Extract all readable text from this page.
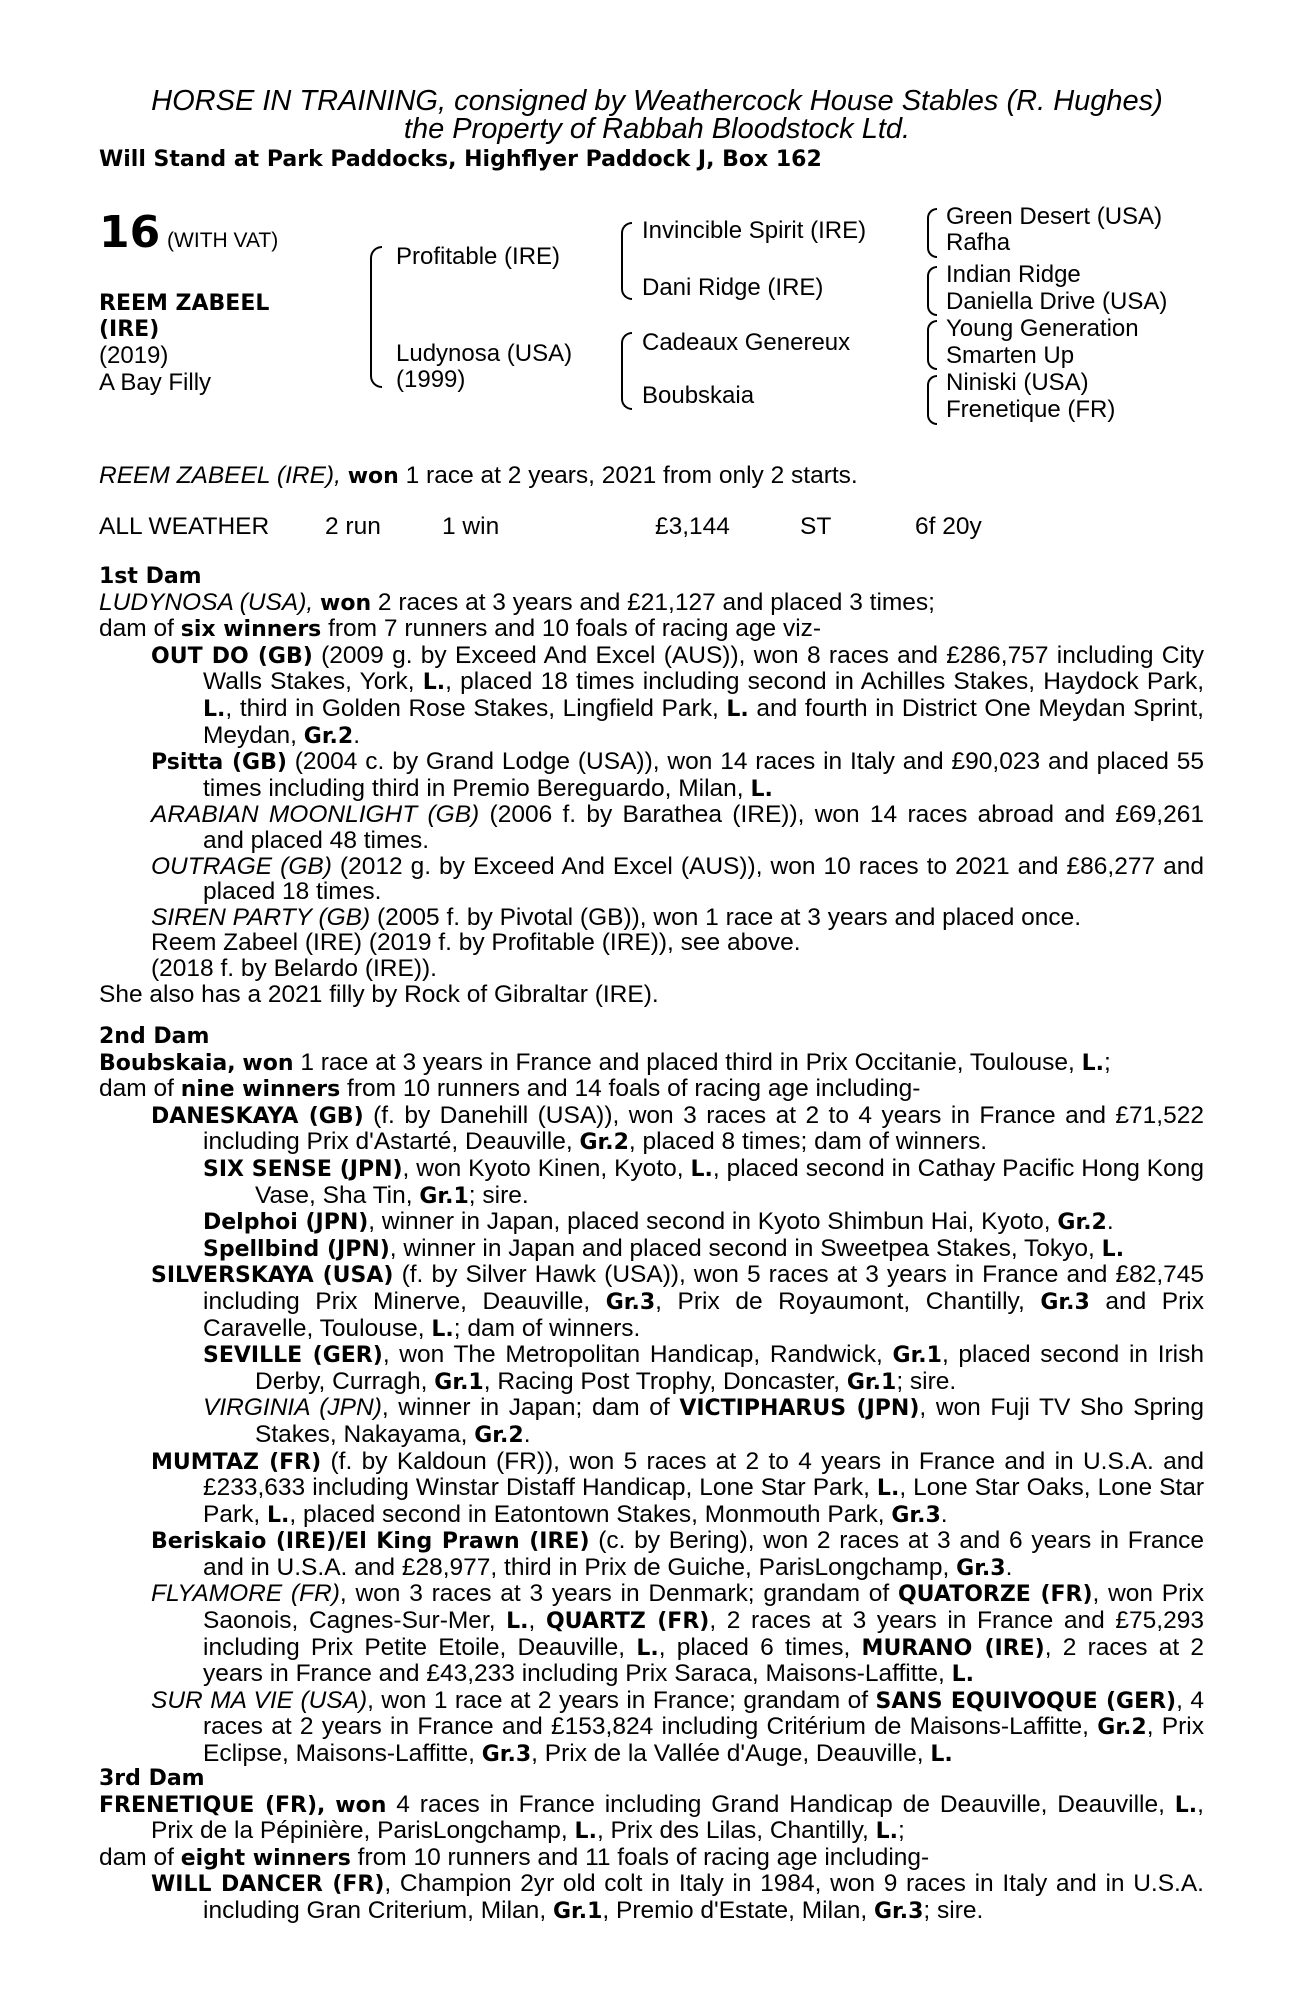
HORSE IN TRAINING, consigned by Weathercock House Stables (R. Hughes)
the Property of Rabbah Bloodstock Ltd.
Will Stand at Park Paddocks, Highflyer Paddock J, Box 162
16 (WITH VAT)
REEM ZABEEL
(IRE)
(2019)
A Bay Filly
Profitable (IRE)
Ludynosa (USA)
(1999)
Invincible Spirit (IRE)
Dani Ridge (IRE)
Cadeaux Genereux
Boubskaia
Green Desert (USA)
Rafha
Indian Ridge
Daniella Drive (USA)
Young Generation
Smarten Up
Niniski (USA)
Frenetique (FR)
REEM ZABEEL (IRE), won 1 race at 2 years, 2021 from only 2 starts.
ALL WEATHER 2 run 1 win	£3,144	ST	6f 20y
1st Dam
LUDYNOSA (USA), won 2 races at 3 years and £21,127 and placed 3 times;
dam of six winners from 7 runners and 10 foals of racing age viz-
OUT DO (GB) (2009 g. by Exceed And Excel (AUS)), won 8 races and £286,757 including City Walls Stakes, York, L., placed 18 times including second in Achilles Stakes, Haydock Park, L., third in Golden Rose Stakes, Lingfield Park, L. and fourth in District One Meydan Sprint, Meydan, Gr.2.
Psitta (GB) (2004 c. by Grand Lodge (USA)), won 14 races in Italy and £90,023 and placed 55 times including third in Premio Bereguardo, Milan, L.
ARABIAN MOONLIGHT (GB) (2006 f. by Barathea (IRE)), won 14 races abroad and £69,261 and placed 48 times.
OUTRAGE (GB) (2012 g. by Exceed And Excel (AUS)), won 10 races to 2021 and £86,277 and placed 18 times.
SIREN PARTY (GB) (2005 f. by Pivotal (GB)), won 1 race at 3 years and placed once.
Reem Zabeel (IRE) (2019 f. by Profitable (IRE)), see above.
(2018 f. by Belardo (IRE)).
She also has a 2021 filly by Rock of Gibraltar (IRE).
2nd Dam
Boubskaia, won 1 race at 3 years in France and placed third in Prix Occitanie, Toulouse, L.;
dam of nine winners from 10 runners and 14 foals of racing age including-
DANESKAYA (GB) (f. by Danehill (USA)), won 3 races at 2 to 4 years in France and £71,522 including Prix d'Astarté, Deauville, Gr.2, placed 8 times; dam of winners.
SIX SENSE (JPN), won Kyoto Kinen, Kyoto, L., placed second in Cathay Pacific Hong Kong Vase, Sha Tin, Gr.1; sire.
Delphoi (JPN), winner in Japan, placed second in Kyoto Shimbun Hai, Kyoto, Gr.2.
Spellbind (JPN), winner in Japan and placed second in Sweetpea Stakes, Tokyo, L.
SILVERSKAYA (USA) (f. by Silver Hawk (USA)), won 5 races at 3 years in France and £82,745 including Prix Minerve, Deauville, Gr.3, Prix de Royaumont, Chantilly, Gr.3 and Prix Caravelle, Toulouse, L.; dam of winners.
SEVILLE (GER), won The Metropolitan Handicap, Randwick, Gr.1, placed second in Irish Derby, Curragh, Gr.1, Racing Post Trophy, Doncaster, Gr.1; sire.
VIRGINIA (JPN), winner in Japan; dam of VICTIPHARUS (JPN), won Fuji TV Sho Spring Stakes, Nakayama, Gr.2.
MUMTAZ (FR) (f. by Kaldoun (FR)), won 5 races at 2 to 4 years in France and in U.S.A. and £233,633 including Winstar Distaff Handicap, Lone Star Park, L., Lone Star Oaks, Lone Star Park, L., placed second in Eatontown Stakes, Monmouth Park, Gr.3.
Beriskaio (IRE)/El King Prawn (IRE) (c. by Bering), won 2 races at 3 and 6 years in France and in U.S.A. and £28,977, third in Prix de Guiche, ParisLongchamp, Gr.3.
FLYAMORE (FR), won 3 races at 3 years in Denmark; grandam of QUATORZE (FR), won Prix Saonois, Cagnes-Sur-Mer, L., QUARTZ (FR), 2 races at 3 years in France and £75,293 including Prix Petite Etoile, Deauville, L., placed 6 times, MURANO (IRE), 2 races at 2 years in France and £43,233 including Prix Saraca, Maisons-Laffitte, L.
SUR MA VIE (USA), won 1 race at 2 years in France; grandam of SANS EQUIVOQUE (GER), 4 races at 2 years in France and £153,824 including Critérium de Maisons-Laffitte, Gr.2, Prix Eclipse, Maisons-Laffitte, Gr.3, Prix de la Vallée d'Auge, Deauville, L.
3rd Dam
FRENETIQUE (FR), won 4 races in France including Grand Handicap de Deauville, Deauville, L., Prix de la Pépinière, ParisLongchamp, L., Prix des Lilas, Chantilly, L.;
dam of eight winners from 10 runners and 11 foals of racing age including-
WILL DANCER (FR), Champion 2yr old colt in Italy in 1984, won 9 races in Italy and in U.S.A. including Gran Criterium, Milan, Gr.1, Premio d'Estate, Milan, Gr.3; sire.
